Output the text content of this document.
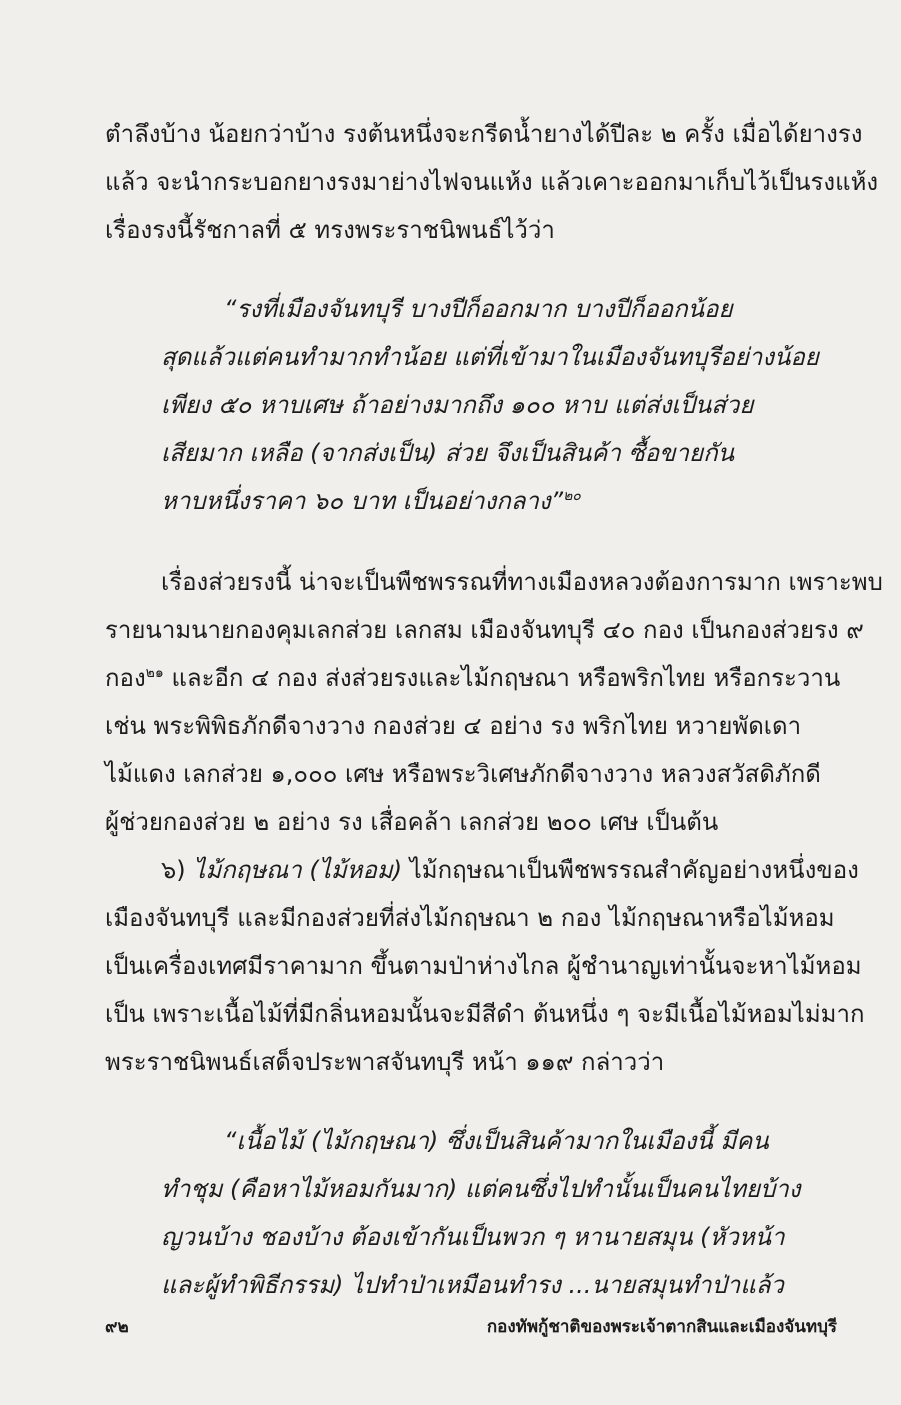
ตำลึงบ้าง น้อยกว่าบ้าง รงต้นหนึ่งจะกรีดน้ำยางได้ปีละ ๒ ครั้ง เมื่อได้ยางรง
แล้ว จะนำกระบอกยางรงมาย่างไฟจนแห้ง แล้วเคาะออกมาเก็บไว้เป็นรงแห้ง
เรื่องรงนี้รัชกาลที่ ๕ ทรงพระราชนิพนธ์ไว้ว่า
“รงที่เมืองจันทบุรี บางปีก็ออกมาก บางปีก็ออกน้อย
สุดแล้วแต่คนทำมากทำน้อย แต่ที่เข้ามาในเมืองจันทบุรีอย่างน้อย
เพียง ๕๐ หาบเศษ ถ้าอย่างมากถึง ๑๐๐ หาบ แต่ส่งเป็นส่วย
เสียมาก เหลือ (จากส่งเป็น) ส่วย จึงเป็นสินค้า ซื้อขายกัน
หาบหนึ่งราคา ๖๐ บาท เป็นอย่างกลาง”$^{๒๐}$
เรื่องส่วยรงนี้ น่าจะเป็นพืชพรรณที่ทางเมืองหลวงต้องการมาก เพราะพบ
รายนามนายกองคุมเลกส่วย เลกสม เมืองจันทบุรี ๔๐ กอง เป็นกองส่วยรง ๙
กอง$^{๒๑}$ และอีก ๔ กอง ส่งส่วยรงและไม้กฤษณา หรือพริกไทย หรือกระวาน
เช่น พระพิพิธภักดีจางวาง กองส่วย ๔ อย่าง รง พริกไทย หวายพัดเดา
ไม้แดง เลกส่วย ๑,๐๐๐ เศษ หรือพระวิเศษภักดีจางวาง หลวงสวัสดิภักดี
ผู้ช่วยกองส่วย ๒ อย่าง รง เสื่อคล้า เลกส่วย ๒๐๐ เศษ เป็นต้น
๖) ไม้กฤษณา (ไม้หอม) ไม้กฤษณาเป็นพืชพรรณสำคัญอย่างหนึ่งของ
เมืองจันทบุรี และมีกองส่วยที่ส่งไม้กฤษณา ๒ กอง ไม้กฤษณาหรือไม้หอม
เป็นเครื่องเทศมีราคามาก ขึ้นตามป่าห่างไกล ผู้ชำนาญเท่านั้นจะหาไม้หอม
เป็น เพราะเนื้อไม้ที่มีกลิ่นหอมนั้นจะมีสีดำ ต้นหนึ่ง ๆ จะมีเนื้อไม้หอมไม่มาก
พระราชนิพนธ์เสด็จประพาสจันทบุรี หน้า ๑๑๙ กล่าวว่า
“เนื้อไม้ (ไม้กฤษณา) ซึ่งเป็นสินค้ามากในเมืองนี้ มีคน
ทำชุม (คือหาไม้หอมกันมาก) แต่คนซึ่งไปทำนั้นเป็นคนไทยบ้าง
ญวนบ้าง ชองบ้าง ต้องเข้ากันเป็นพวก ๆ หานายสมุน (หัวหน้า
และผู้ทำพิธีกรรม) ไปทำป่าเหมือนทำรง ...นายสมุนทำป่าแล้ว
๙๒	กองทัพกู้ชาติของพระเจ้าตากสินและเมืองจันทบุรี
